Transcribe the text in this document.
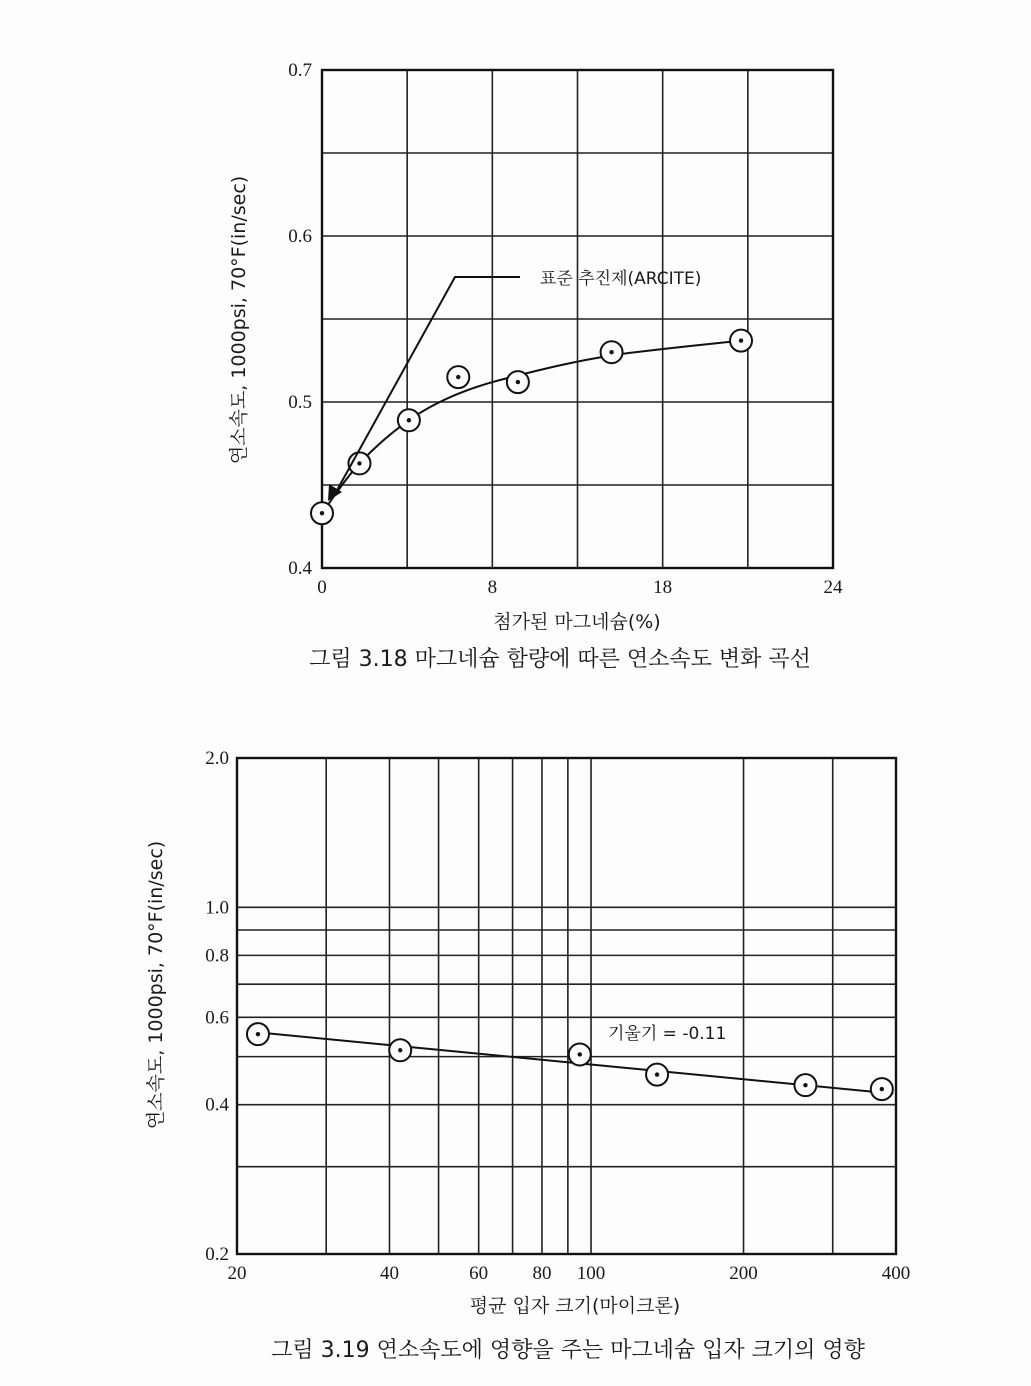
0.4
0.5
0.6
0.7
0	8	18	24
표준 추진제(ARCITE)
연소속도, 1000psi, 70°F(in/sec)
첨가된 마그네슘(%)
그림 3.18 마그네슘 함량에 따른 연소속도 변화 곡선
0.2
0.4
0.6
0.8
1.0
2.0
20	40	60 80 100	200	400
기울기 = -0.11
연소속도, 1000psi, 70°F(in/sec)
평균 입자 크기(마이크론)
그림 3.19 연소속도에 영향을 주는 마그네슘 입자 크기의 영향
